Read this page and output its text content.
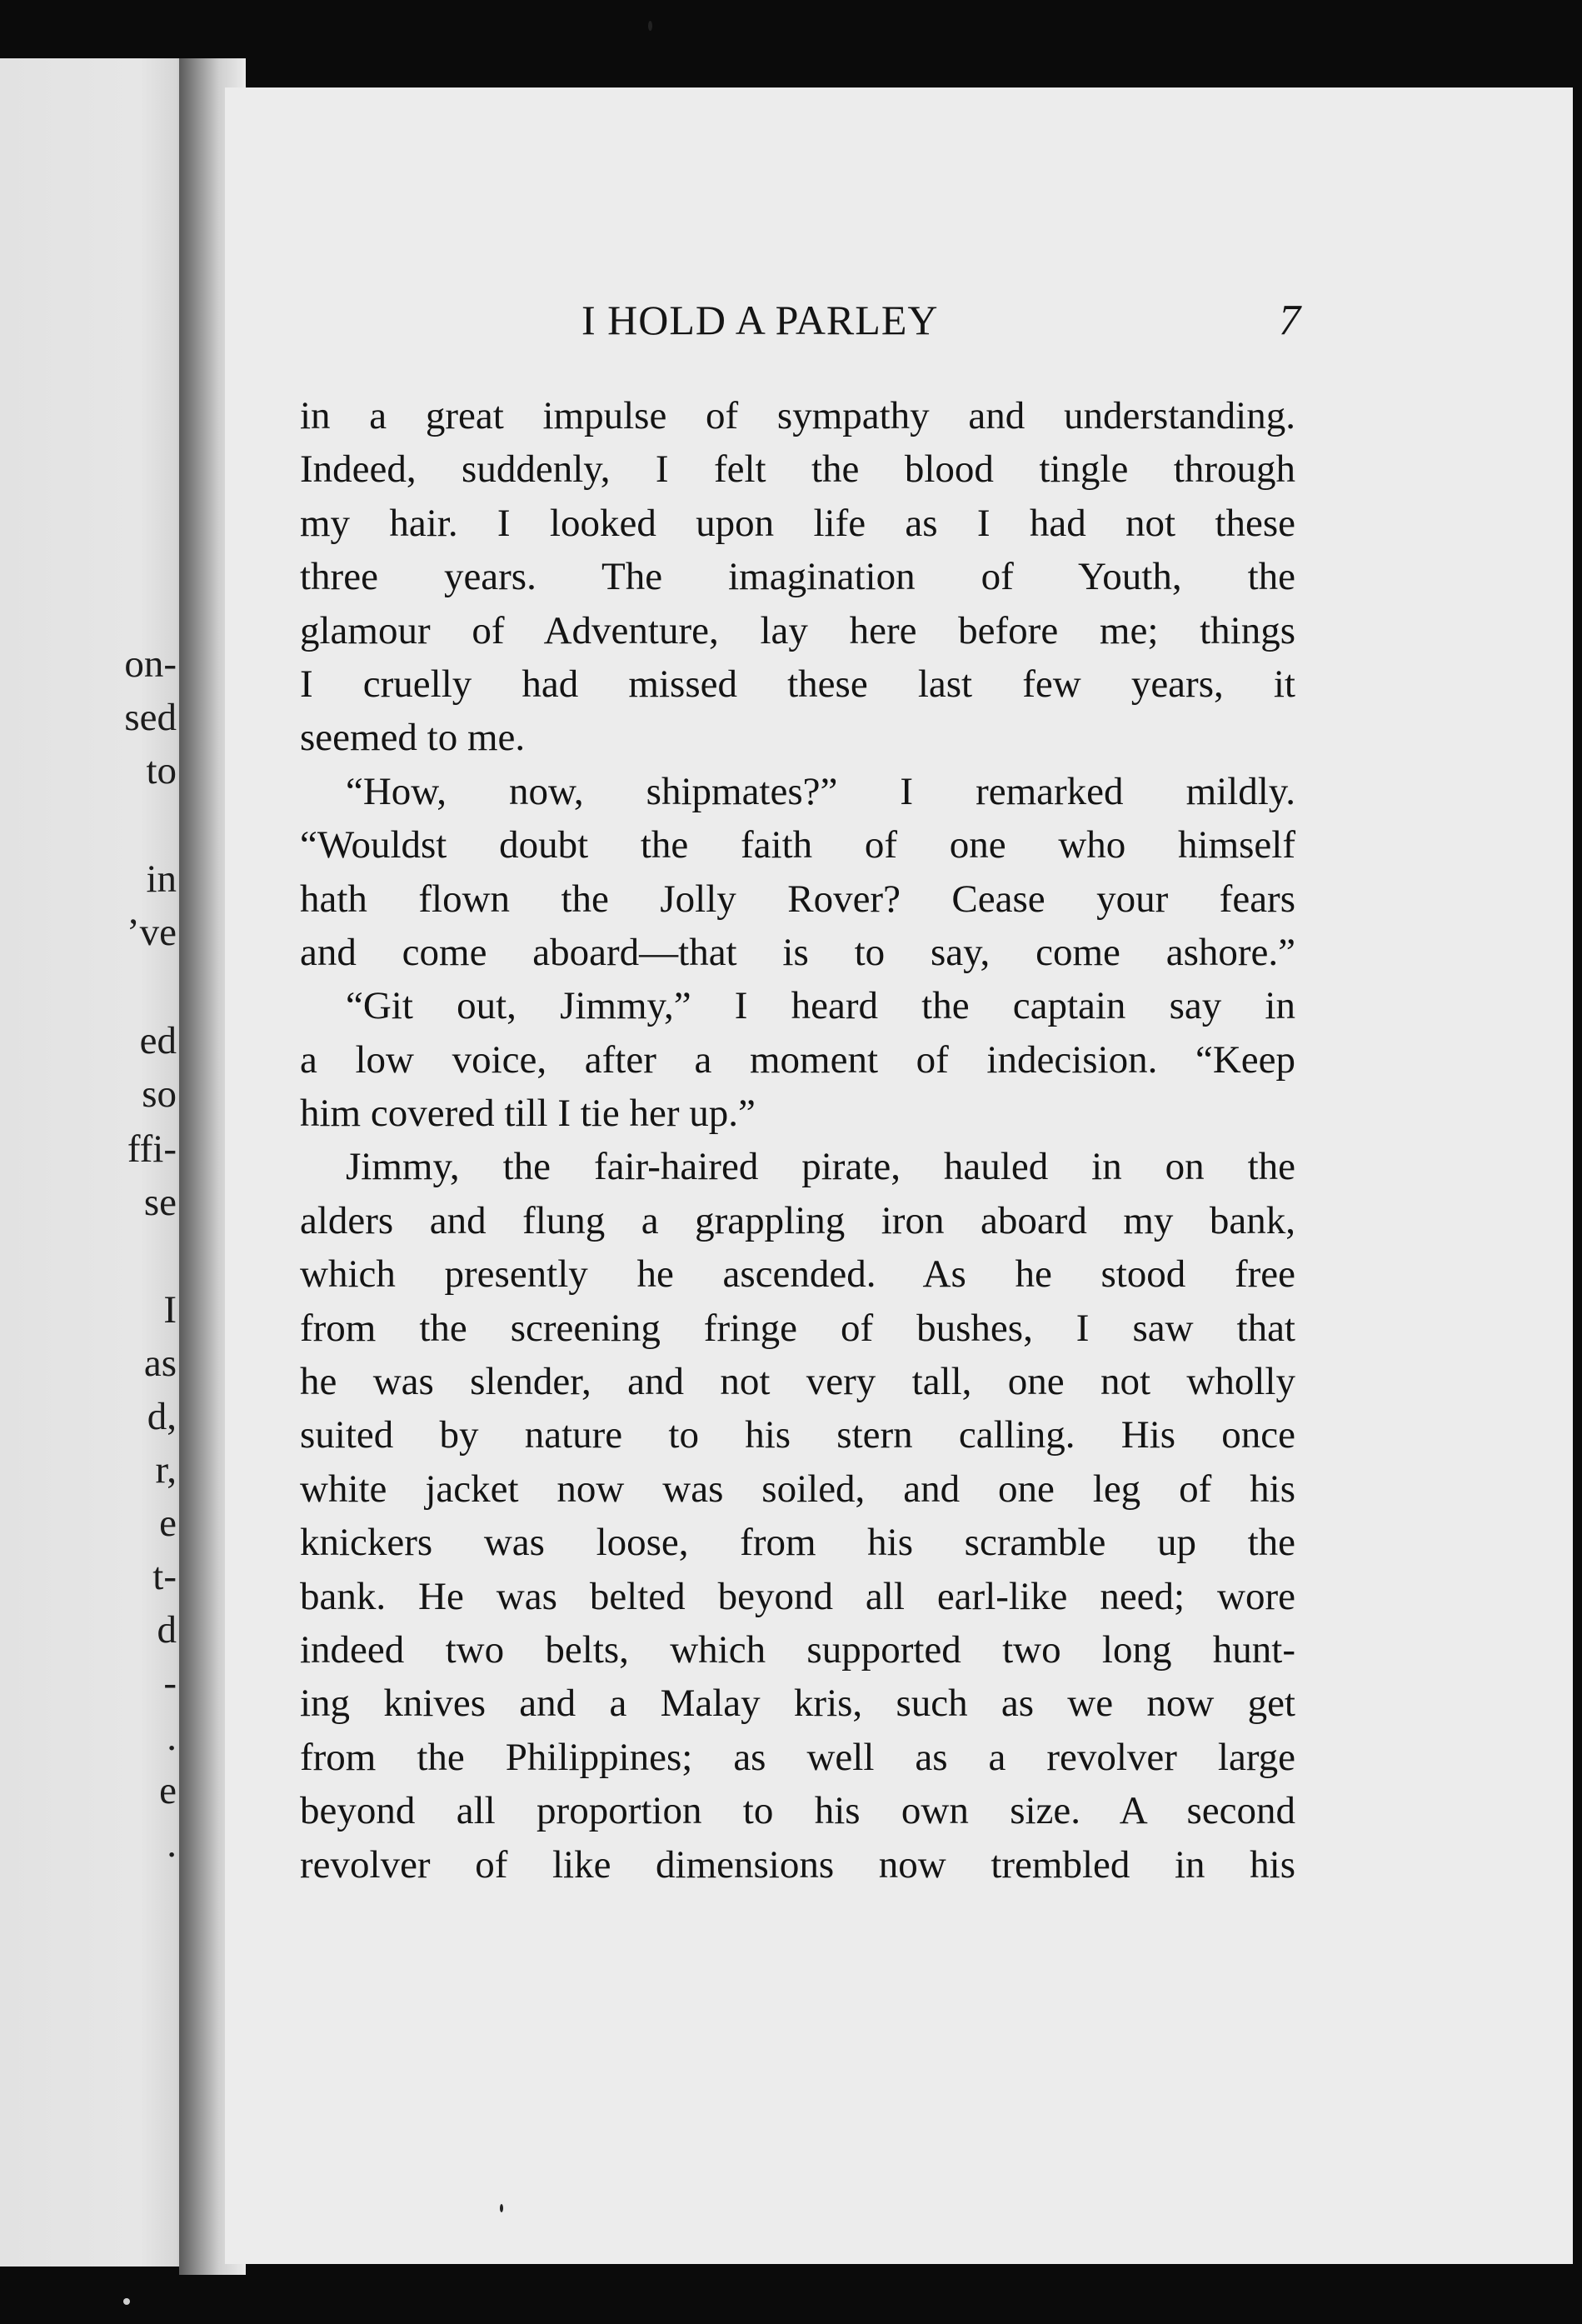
on-
sed
to
in
’ve
ed
so
ffi-
se
I
as
d,
r,
e
t-
d
-
.
e
.
I HOLD A PARLEY	7
in a great impulse of sympathy and understanding.
Indeed, suddenly, I felt the blood tingle through
my hair. I looked upon life as I had not these
three years. The imagination of Youth, the
glamour of Adventure, lay here before me; things
I cruelly had missed these last few years, it
seemed to me.
“How, now, shipmates?” I remarked mildly.
“Wouldst doubt the faith of one who himself
hath flown the Jolly Rover? Cease your fears
and come aboard—that is to say, come ashore.”
“Git out, Jimmy,” I heard the captain say in
a low voice, after a moment of indecision. “Keep
him covered till I tie her up.”
Jimmy, the fair-haired pirate, hauled in on the
alders and flung a grappling iron aboard my bank,
which presently he ascended. As he stood free
from the screening fringe of bushes, I saw that
he was slender, and not very tall, one not wholly
suited by nature to his stern calling. His once
white jacket now was soiled, and one leg of his
knickers was loose, from his scramble up the
bank. He was belted beyond all earl-like need; wore
indeed two belts, which supported two long hunt-
ing knives and a Malay kris, such as we now get
from the Philippines; as well as a revolver large
beyond all proportion to his own size. A second
revolver of like dimensions now trembled in his
